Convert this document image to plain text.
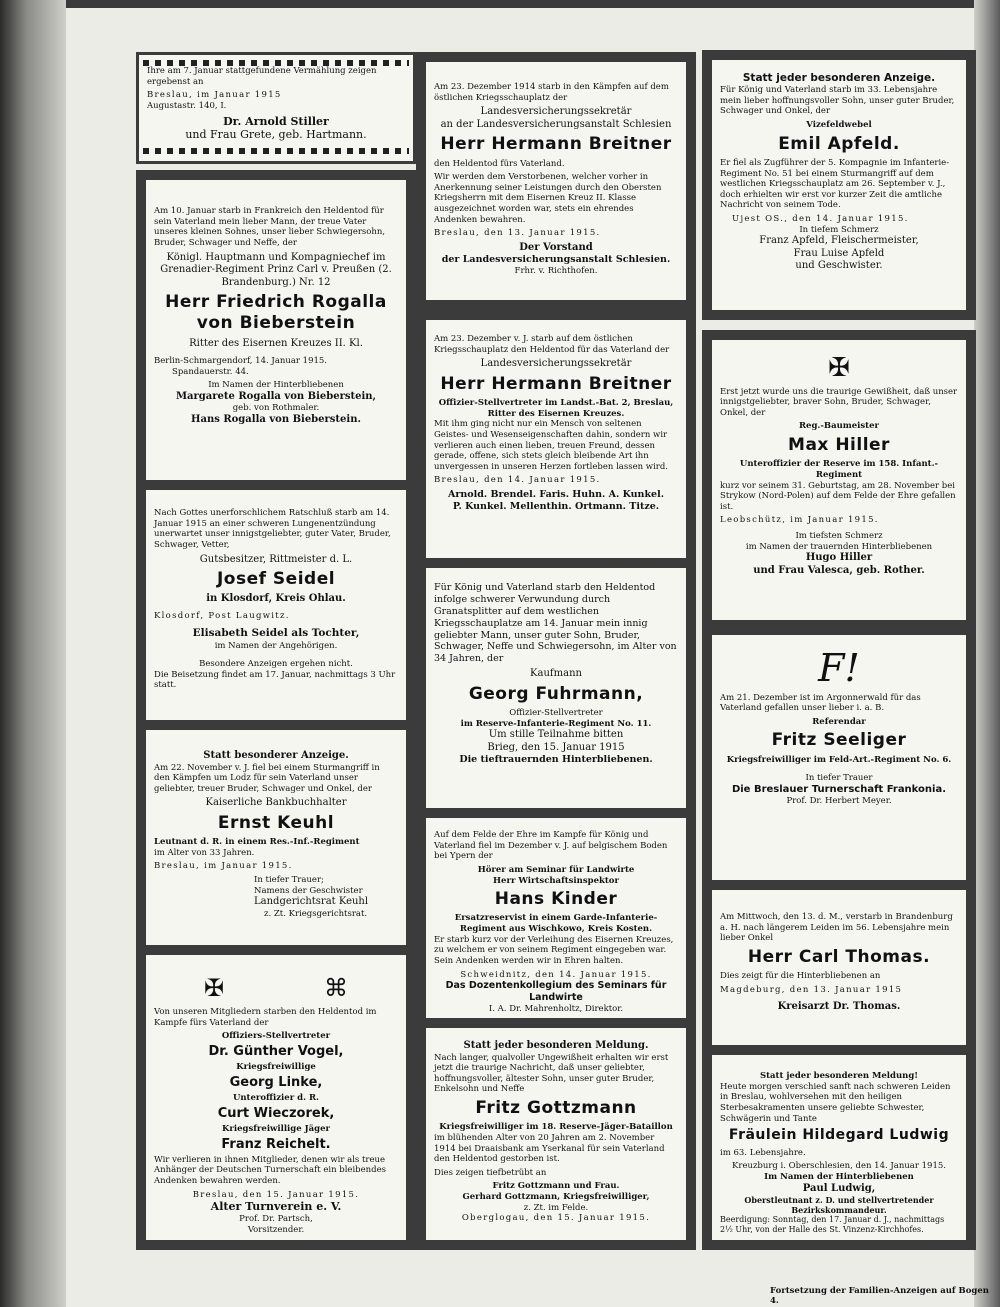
Ihre am 7. Januar stattgefundene Vermählung zeigen ergebenst an

Breslau, im Januar 1915

Augustastr. 140, I.

Dr. Arnold Stiller
und Frau Grete, geb. Hartmann.

Am 10. Januar starb in Frankreich den Heldentod für sein Vaterland mein lieber Mann, der treue Vater unseres kleinen Sohnes, unser lieber Schwiegersohn, Bruder, Schwager und Neffe, der

Königl. Hauptmann und Kompagniechef im Grenadier-Regiment Prinz Carl v. Preußen (2. Brandenburg.) Nr. 12
Herr Friedrich Rogalla von Bieberstein
Ritter des Eisernen Kreuzes II. Kl.

Berlin-Schmargendorf, 14. Januar 1915.

Spandauerstr. 44.

Im Namen der Hinterbliebenen
Margarete Rogalla von Bieberstein,
geb. von Rothmaler.
Hans Rogalla von Bieberstein.

Nach Gottes unerforschlichem Ratschluß starb am 14. Januar 1915 an einer schweren Lungenentzündung unerwartet unser innigstgeliebter, guter Vater, Bruder, Schwager, Vetter,

Gutsbesitzer, Rittmeister d. L.
Josef Seidel
in Klosdorf, Kreis Ohlau.

Klosdorf, Post Laugwitz.

Elisabeth Seidel als Tochter,
im Namen der Angehörigen.
Besondere Anzeigen ergehen nicht.

Die Beisetzung findet am 17. Januar, nachmittags 3 Uhr statt.

Statt besonderer Anzeige.

Am 22. November v. J. fiel bei einem Sturmangriff in den Kämpfen um Lodz für sein Vaterland unser geliebter, treuer Bruder, Schwager und Onkel, der

Kaiserliche Bankbuchhalter
Ernst Keuhl
Leutnant d. R. in einem Res.-Inf.-Regiment

im Alter von 33 Jahren.

Breslau, im Januar 1915.

In tiefer Trauer;
Namens der Geschwister
Landgerichtsrat Keuhl
z. Zt. Kriegsgerichtsrat.
✠	⌘

Von unseren Mitgliedern starben den Heldentod im Kampfe fürs Vaterland der

Offiziers-Stellvertreter
Dr. Günther Vogel,
Kriegsfreiwillige
Georg Linke,
Unteroffizier d. R.
Curt Wieczorek,
Kriegsfreiwillige Jäger
Franz Reichelt.

Wir verlieren in ihnen Mitglieder, denen wir als treue Anhänger der Deutschen Turnerschaft ein bleibendes Andenken bewahren werden.

Breslau, den 15. Januar 1915.
Alter Turnverein e. V.
Prof. Dr. Partsch,
Vorsitzender.

Am 23. Dezember 1914 starb in den Kämpfen auf dem östlichen Kriegsschauplatz der

Landesversicherungssekretär
an der Landesversicherungsanstalt Schlesien
Herr Hermann Breitner

den Heldentod fürs Vaterland.

Wir werden dem Verstorbenen, welcher vorher in Anerkennung seiner Leistungen durch den Obersten Kriegsherrn mit dem Eisernen Kreuz II. Klasse ausgezeichnet worden war, stets ein ehrendes Andenken bewahren.

Breslau, den 13. Januar 1915.

Der Vorstand
der Landesversicherungsanstalt Schlesien.
Frhr. v. Richthofen.

Am 23. Dezember v. J. starb auf dem östlichen Kriegsschauplatz den Heldentod für das Vaterland der

Landesversicherungssekretär
Herr Hermann Breitner
Offizier-Stellvertreter im Landst.-Bat. 2, Breslau, Ritter des Eisernen Kreuzes.

Mit ihm ging nicht nur ein Mensch von seltenen Geistes- und Wesenseigenschaften dahin, sondern wir verlieren auch einen lieben, treuen Freund, dessen gerade, offene, sich stets gleich bleibende Art ihn unvergessen in unseren Herzen fortleben lassen wird.

Breslau, den 14. Januar 1915.

Arnold. Brendel. Faris. Huhn. A. Kunkel.
P. Kunkel. Mellenthin. Ortmann. Titze.

Für König und Vaterland starb den Heldentod infolge schwerer Verwundung durch Granatsplitter auf dem westlichen Kriegsschauplatze am 14. Januar mein innig geliebter Mann, unser guter Sohn, Bruder, Schwager, Neffe und Schwiegersohn, im Alter von 34 Jahren, der

Kaufmann
Georg Fuhrmann,
Offizier-Stellvertreter
im Reserve-Infanterie-Regiment No. 11.
Um stille Teilnahme bitten
Brieg, den 15. Januar 1915
Die tieftrauernden Hinterbliebenen.

Auf dem Felde der Ehre im Kampfe für König und Vaterland fiel im Dezember v. J. auf belgischem Boden bei Ypern der

Hörer am Seminar für Landwirte
Herr Wirtschaftsinspektor
Hans Kinder
Ersatzreservist in einem Garde-Infanterie-Regiment aus Wischkowo, Kreis Kosten.

Er starb kurz vor der Verleihung des Eisernen Kreuzes, zu welchem er von seinem Regiment eingegeben war. Sein Andenken werden wir in Ehren halten.

Schweidnitz, den 14. Januar 1915.
Das Dozentenkollegium des Seminars für Landwirte
I. A. Dr. Mahrenholtz, Direktor.
Statt jeder besonderen Meldung.

Nach langer, qualvoller Ungewißheit erhalten wir erst jetzt die traurige Nachricht, daß unser geliebter, hoffnungsvoller, ältester Sohn, unser guter Bruder, Enkelsohn und Neffe

Fritz Gottzmann
Kriegsfreiwilliger im 18. Reserve-Jäger-Bataillon

im blühenden Alter von 20 Jahren am 2. November 1914 bei Draaisbank am Yserkanal für sein Vaterland den Heldentod gestorben ist.

Dies zeigen tiefbetrübt an

Fritz Gottzmann und Frau.
Gerhard Gottzmann, Kriegsfreiwilliger,
z. Zt. im Felde.
Oberglogau, den 15. Januar 1915.
Statt jeder besonderen Anzeige.

Für König und Vaterland starb im 33. Lebensjahre mein lieber hoffnungsvoller Sohn, unser guter Bruder, Schwager und Onkel, der

Vizefeldwebel
Emil Apfeld.

Er fiel als Zugführer der 5. Kompagnie im Infanterie-Regiment No. 51 bei einem Sturmangriff auf dem westlichen Kriegsschauplatz am 26. September v. J., doch erhielten wir erst vor kurzer Zeit die amtliche Nachricht von seinem Tode.

Ujest OS., den 14. Januar 1915.
In tiefem Schmerz
Franz Apfeld, Fleischermeister,
Frau Luise Apfeld
und Geschwister.
✠

Erst jetzt wurde uns die traurige Gewißheit, daß unser innigstgeliebter, braver Sohn, Bruder, Schwager, Onkel, der

Reg.-Baumeister
Max Hiller
Unteroffizier der Reserve im 158. Infant.-Regiment

kurz vor seinem 31. Geburtstag, am 28. November bei Strykow (Nord-Polen) auf dem Felde der Ehre gefallen ist.

Leobschütz, im Januar 1915.
Im tiefsten Schmerz
im Namen der trauernden Hinterbliebenen
Hugo Hiller
und Frau Valesca, geb. Rother.
F!

Am 21. Dezember ist im Argonnerwald für das Vaterland gefallen unser lieber i. a. B.

Referendar
Fritz Seeliger
Kriegsfreiwilliger im Feld-Art.-Regiment No. 6.
In tiefer Trauer
Die Breslauer Turnerschaft Frankonia.
Prof. Dr. Herbert Meyer.

Am Mittwoch, den 13. d. M., verstarb in Brandenburg a. H. nach längerem Leiden im 56. Lebensjahre mein lieber Onkel

Herr Carl Thomas.

Dies zeigt für die Hinterbliebenen an

Magdeburg, den 13. Januar 1915

Kreisarzt Dr. Thomas.
Statt jeder besonderen Meldung!

Heute morgen verschied sanft nach schweren Leiden in Breslau, wohlversehen mit den heiligen Sterbesakramenten unsere geliebte Schwester, Schwägerin und Tante

Fräulein Hildegard Ludwig

im 63. Lebensjahre.

Kreuzburg i. Oberschlesien, den 14. Januar 1915.
Im Namen der Hinterbliebenen
Paul Ludwig,
Oberstleutnant z. D. und stellvertretender Bezirkskommandeur.

Beerdigung: Sonntag, den 17. Januar d. J., nachmittags 2½ Uhr, von der Halle des St. Vinzenz-Kirchhofes.

Fortsetzung der Familien-Anzeigen auf Bogen 4.
